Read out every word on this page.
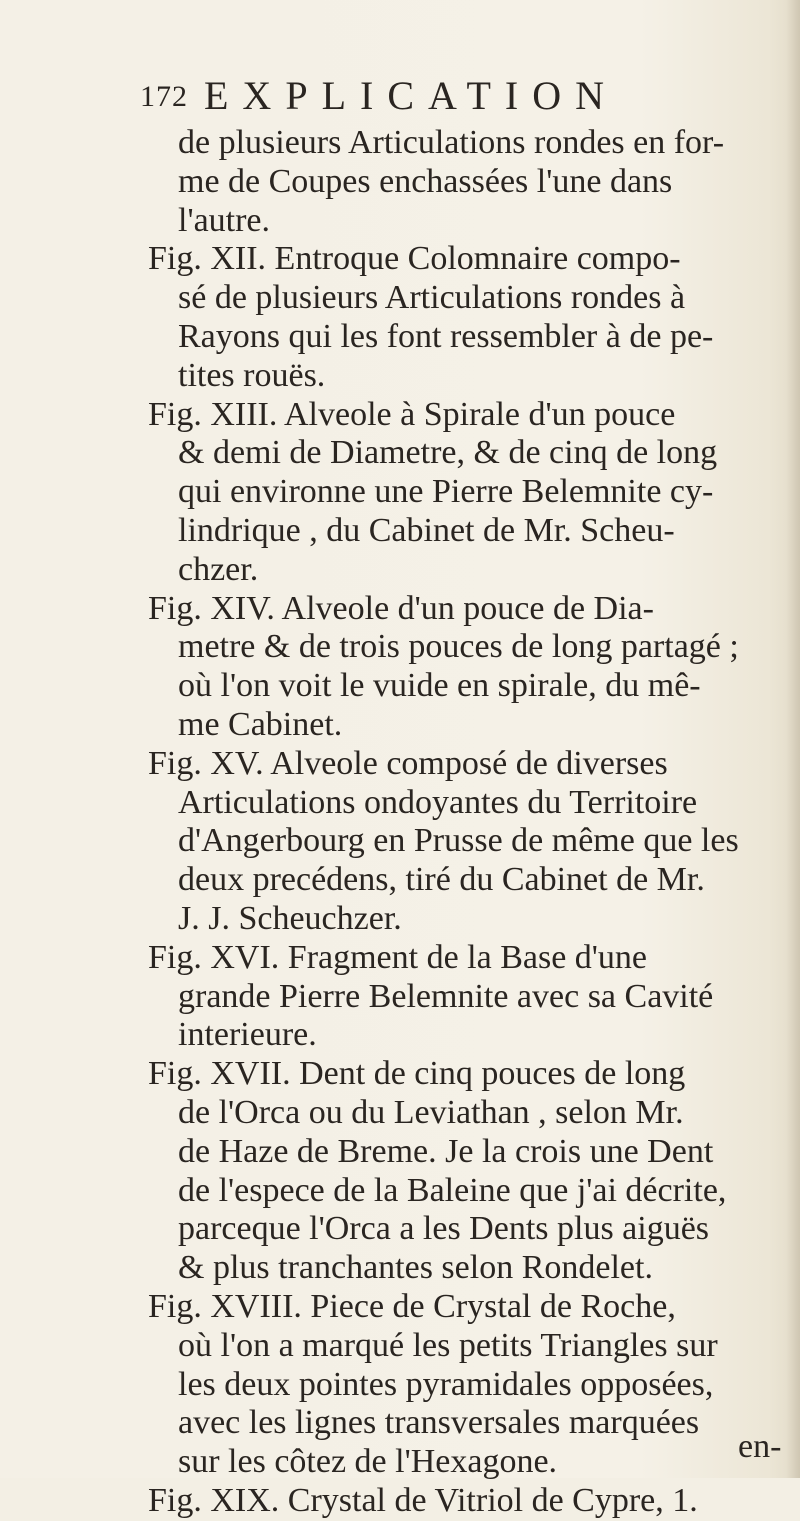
172 EXPLICATION
de plusieurs Articulations rondes en for-
me de Coupes enchassées l'une dans
l'autre.
Fig. XII. Entroque Colomnaire compo-
sé de plusieurs Articulations rondes à
Rayons qui les font ressembler à de pe-
tites rouës.
Fig. XIII. Alveole à Spirale d'un pouce
& demi de Diametre, & de cinq de long
qui environne une Pierre Belemnite cy-
lindrique , du Cabinet de Mr. Scheu-
chzer.
Fig. XIV. Alveole d'un pouce de Dia-
metre & de trois pouces de long partagé ;
où l'on voit le vuide en spirale, du mê-
me Cabinet.
Fig. XV. Alveole composé de diverses
Articulations ondoyantes du Territoire
d'Angerbourg en Prusse de même que les
deux precédens, tiré du Cabinet de Mr.
J. J. Scheuchzer.
Fig. XVI. Fragment de la Base d'une
grande Pierre Belemnite avec sa Cavité
interieure.
Fig. XVII. Dent de cinq pouces de long
de l'Orca ou du Leviathan , selon Mr.
de Haze de Breme. Je la crois une Dent
de l'espece de la Baleine que j'ai décrite,
parceque l'Orca a les Dents plus aiguës
& plus tranchantes selon Rondelet.
Fig. XVIII. Piece de Crystal de Roche,
où l'on a marqué les petits Triangles sur
les deux pointes pyramidales opposées,
avec les lignes transversales marquées
sur les côtez de l'Hexagone.
Fig. XIX. Crystal de Vitriol de Cypre, 1.
en-
